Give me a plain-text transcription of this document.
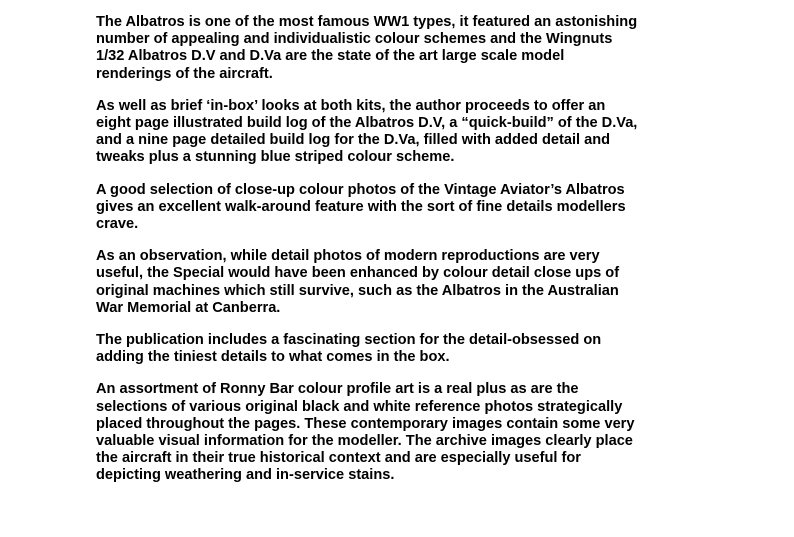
The Albatros is one of the most famous WW1 types, it featured an astonishing
number of appealing and individualistic colour schemes and the Wingnuts
1/32 Albatros D.V and D.Va are the state of the art large scale model
renderings of the aircraft.

As well as brief ‘in-box’ looks at both kits, the author proceeds to offer an
eight page illustrated build log of the Albatros D.V, a “quick-build” of the D.Va,
and a nine page detailed build log for the D.Va, filled with added detail and
tweaks plus a stunning blue striped colour scheme.

A good selection of close-up colour photos of the Vintage Aviator’s Albatros
gives an excellent walk-around feature with the sort of fine details modellers
crave.

As an observation, while detail photos of modern reproductions are very
useful, the Special would have been enhanced by colour detail close ups of
original machines which still survive, such as the Albatros in the Australian
War Memorial at Canberra.

The publication includes a fascinating section for the detail-obsessed on
adding the tiniest details to what comes in the box.

An assortment of Ronny Bar colour profile art is a real plus as are the
selections of various original black and white reference photos strategically
placed throughout the pages. These contemporary images contain some very
valuable visual information for the modeller. The archive images clearly place
the aircraft in their true historical context and are especially useful for
depicting weathering and in-service stains.
